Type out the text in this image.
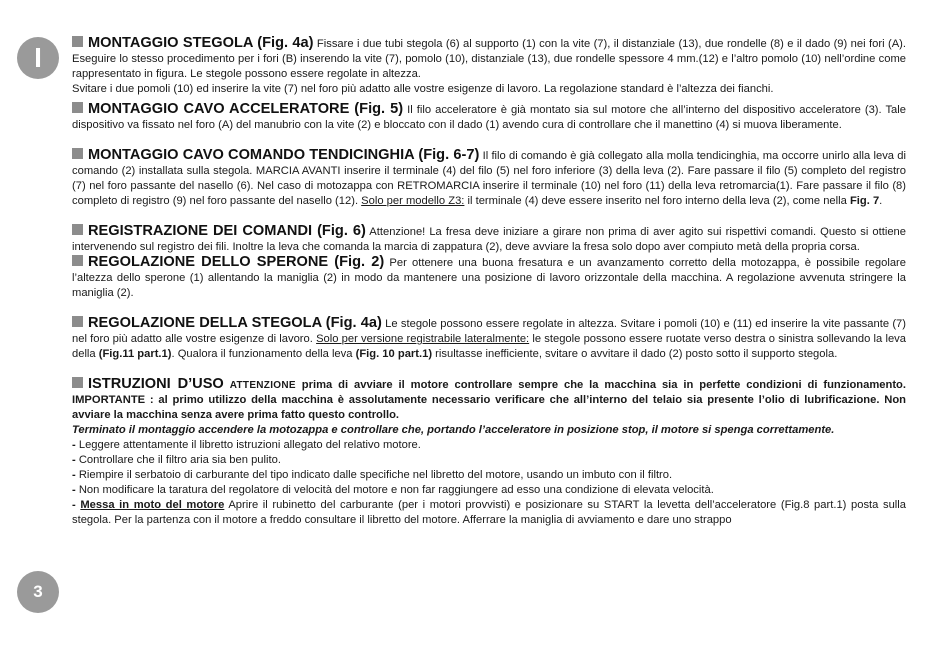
I
3

MONTAGGIO STEGOLA (Fig. 4a) Fissare i due tubi stegola (6) al supporto (1) con la vite (7), il distanziale (13), due rondelle (8) e il dado (9) nei fori (A). Eseguire lo stesso procedimento per i fori (B) inserendo la vite (7), pomolo (10), distanziale (13), due rondelle spessore 4 mm.(12) e l’altro pomolo (10) nell’ordine come rappresentato in figura. Le stegole possono essere regolate in altezza.

Svitare i due pomoli (10) ed inserire la vite (7) nel foro più adatto alle vostre esigenze di lavoro. La regolazione standard è l’altezza dei fianchi.

MONTAGGIO CAVO ACCELERATORE (Fig. 5) Il filo acceleratore è già montato sia sul motore che all’interno del dispositivo acceleratore (3). Tale dispositivo va fissato nel foro (A) del manubrio con la vite (2) e bloccato con il dado (1) avendo cura di controllare che il manettino (4) si muova liberamente.

MONTAGGIO CAVO COMANDO TENDICINGHIA (Fig. 6-7) Il filo di comando è già collegato alla molla tendicinghia, ma occorre unirlo alla leva di comando (2) installata sulla stegola. MARCIA AVANTI inserire il terminale (4) del filo (5) nel foro inferiore (3) della leva (2). Fare passare il filo (5) completo del registro (7) nel foro passante del nasello (6). Nel caso di motozappa con RETROMARCIA inserire il terminale (10) nel foro (11) della leva retromarcia(1). Fare passare il filo (8) completo di registro (9) nel foro passante del nasello (12). Solo per modello Z3: il terminale (4) deve essere inserito nel foro interno della leva (2), come nella Fig. 7.

REGISTRAZIONE DEI COMANDI (Fig. 6) Attenzione! La fresa deve iniziare a girare non prima di aver agito sui rispettivi comandi. Questo si ottiene intervenendo sul registro dei fili. Inoltre la leva che comanda la marcia di zappatura (2), deve avviare la fresa solo dopo aver compiuto metà della propria corsa.

REGOLAZIONE DELLO SPERONE (Fig. 2) Per ottenere una buona fresatura e un avanzamento corretto della motozappa, è possibile regolare l’altezza dello sperone (1) allentando la maniglia (2) in modo da mantenere una posizione di lavoro orizzontale della macchina. A regolazione avvenuta stringere la maniglia (2).

REGOLAZIONE DELLA STEGOLA (Fig. 4a) Le stegole possono essere regolate in altezza. Svitare i pomoli (10) e (11) ed inserire la vite passante (7) nel foro più adatto alle vostre esigenze di lavoro. Solo per versione registrabile lateralmente: le stegole possono essere ruotate verso destra o sinistra sollevando la leva della (Fig.11 part.1). Qualora il funzionamento della leva (Fig. 10 part.1) risultasse inefficiente, svitare o avvitare il dado (2) posto sotto il supporto stegola.

ISTRUZIONI D’USO ATTENZIONE prima di avviare il motore controllare sempre che la macchina sia in perfette condizioni di funzionamento. IMPORTANTE : al primo utilizzo della macchina è assolutamente necessario verificare che all’interno del telaio sia presente l’olio di lubrificazione. Non avviare la macchina senza avere prima fatto questo controllo.

Terminato il montaggio accendere la motozappa e controllare che, portando l’acceleratore in posizione stop, il motore si spenga correttamente.

- Leggere attentamente il libretto istruzioni allegato del relativo motore.

- Controllare che il filtro aria sia ben pulito.

- Riempire il serbatoio di carburante del tipo indicato dalle specifiche nel libretto del motore, usando un imbuto con il filtro.

- Non modificare la taratura del regolatore di velocità del motore e non far raggiungere ad esso una condizione di elevata velocità.

- Messa in moto del motore Aprire il rubinetto del carburante (per i motori provvisti) e posizionare su START la levetta dell’acceleratore (Fig.8 part.1) posta sulla stegola. Per la partenza con il motore a freddo consultare il libretto del motore. Afferrare la maniglia di avviamento e dare uno strappo
